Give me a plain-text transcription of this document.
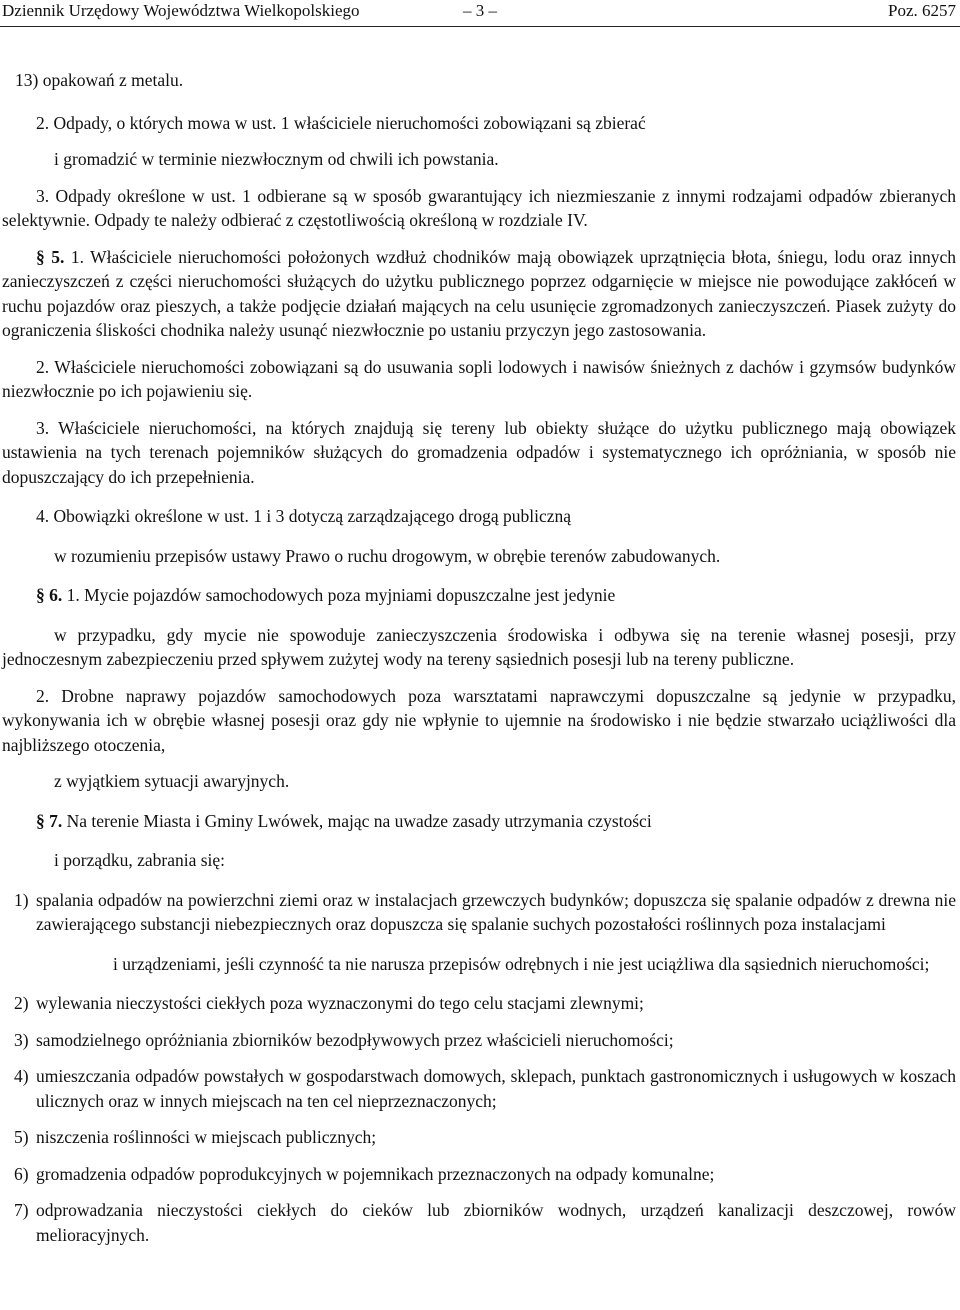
Dziennik Urzędowy Województwa Wielkopolskiego	– 3 –	Poz. 6257

13) opakowań z metalu.

2. Odpady, o których mowa w ust. 1 właściciele nieruchomości zobowiązani są zbierać

i gromadzić w terminie niezwłocznym od chwili ich powstania.

3. Odpady określone w ust. 1 odbierane są w sposób gwarantujący ich niezmieszanie z innymi rodzajami odpadów zbieranych selektywnie. Odpady te należy odbierać z częstotliwością określoną w rozdziale IV.

§ 5. 1. Właściciele nieruchomości położonych wzdłuż chodników mają obowiązek uprzątnięcia błota, śniegu, lodu oraz innych zanieczyszczeń z części nieruchomości służących do użytku publicznego poprzez odgarnięcie w miejsce nie powodujące zakłóceń w ruchu pojazdów oraz pieszych, a także podjęcie działań mających na celu usunięcie zgromadzonych zanieczyszczeń. Piasek zużyty do ograniczenia śliskości chodnika należy usunąć niezwłocznie po ustaniu przyczyn jego zastosowania.

2. Właściciele nieruchomości zobowiązani są do usuwania sopli lodowych i nawisów śnieżnych z dachów i gzymsów budynków niezwłocznie po ich pojawieniu się.

3. Właściciele nieruchomości, na których znajdują się tereny lub obiekty służące do użytku publicznego mają obowiązek ustawienia na tych terenach pojemników służących do gromadzenia odpadów i systematycznego ich opróżniania, w sposób nie dopuszczający do ich przepełnienia.

4. Obowiązki określone w ust. 1 i 3 dotyczą zarządzającego drogą publiczną

w rozumieniu przepisów ustawy Prawo o ruchu drogowym, w obrębie terenów zabudowanych.

§ 6. 1. Mycie pojazdów samochodowych poza myjniami dopuszczalne jest jedynie

w przypadku, gdy mycie nie spowoduje zanieczyszczenia środowiska i odbywa się na terenie własnej posesji, przy jednoczesnym zabezpieczeniu przed spływem zużytej wody na tereny sąsiednich posesji lub na tereny publiczne.

2. Drobne naprawy pojazdów samochodowych poza warsztatami naprawczymi dopuszczalne są jedynie w przypadku, wykonywania ich w obrębie własnej posesji oraz gdy nie wpłynie to ujemnie na środowisko i nie będzie stwarzało uciążliwości dla najbliższego otoczenia,

z wyjątkiem sytuacji awaryjnych.

§ 7. Na terenie Miasta i Gminy Lwówek, mając na uwadze zasady utrzymania czystości

i porządku, zabrania się:

1) spalania odpadów na powierzchni ziemi oraz w instalacjach grzewczych budynków; dopuszcza się spalanie odpadów z drewna nie zawierającego substancji niebezpiecznych oraz dopuszcza się spalanie suchych pozostałości roślinnych poza instalacjami

i urządzeniami, jeśli czynność ta nie narusza przepisów odrębnych i nie jest uciążliwa dla sąsiednich nieruchomości;

2) wylewania nieczystości ciekłych poza wyznaczonymi do tego celu stacjami zlewnymi;
3) samodzielnego opróżniania zbiorników bezodpływowych przez właścicieli nieruchomości;
4) umieszczania odpadów powstałych w gospodarstwach domowych, sklepach, punktach gastronomicznych i usługowych w koszach ulicznych oraz w innych miejscach na ten cel nieprzeznaczonych;
5) niszczenia roślinności w miejscach publicznych;
6) gromadzenia odpadów poprodukcyjnych w pojemnikach przeznaczonych na odpady komunalne;
7) odprowadzania nieczystości ciekłych do cieków lub zbiorników wodnych, urządzeń kanalizacji deszczowej, rowów melioracyjnych.
